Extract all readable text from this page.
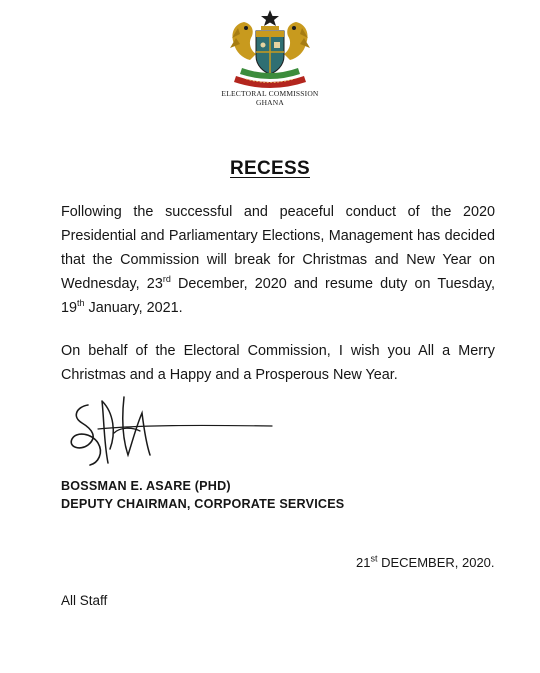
ELECTORAL COMMISSION
GHANA
RECESS
Following the successful and peaceful conduct of the 2020 Presidential and Parliamentary Elections, Management has decided that the Commission will break for Christmas and New Year on Wednesday, 23rd December, 2020 and resume duty on Tuesday, 19th January, 2021.
On behalf of the Electoral Commission, I wish you All a Merry Christmas and a Happy and a Prosperous New Year.
BOSSMAN E. ASARE (PHD)
DEPUTY CHAIRMAN, CORPORATE SERVICES
21st DECEMBER, 2020.
All Staff
